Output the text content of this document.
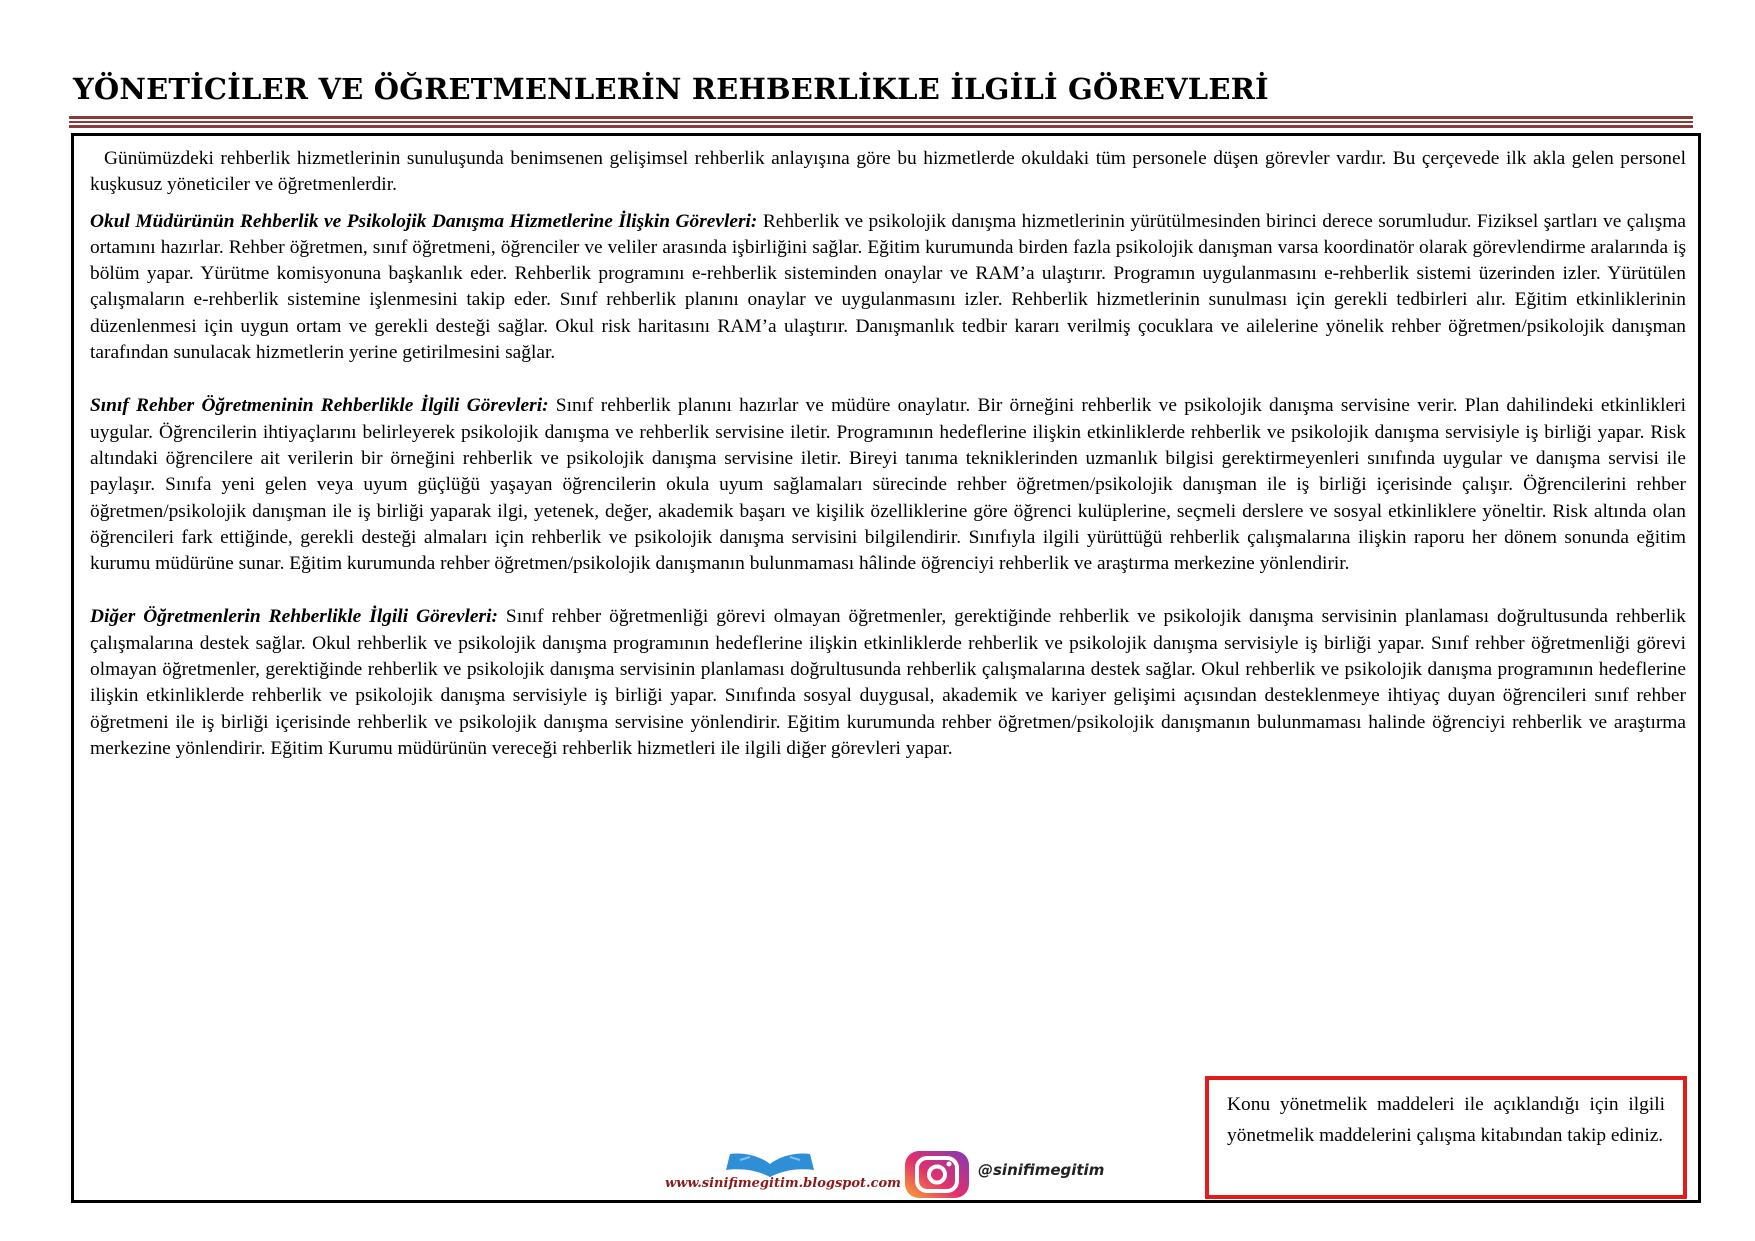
YÖNETİCİLER VE ÖĞRETMENLERİN REHBERLİKLE İLGİLİ GÖREVLERİ

Günümüzdeki rehberlik hizmetlerinin sunuluşunda benimsenen gelişimsel rehberlik anlayışına göre bu hizmetlerde okuldaki tüm personele düşen görevler vardır. Bu çerçevede ilk akla gelen personel kuşkusuz yöneticiler ve öğretmenlerdir.

Okul Müdürünün Rehberlik ve Psikolojik Danışma Hizmetlerine İlişkin Görevleri: Rehberlik ve psikolojik danışma hizmetlerinin yürütülmesinden birinci derece sorumludur. Fiziksel şartları ve çalışma ortamını hazırlar. Rehber öğretmen, sınıf öğretmeni, öğrenciler ve veliler arasında işbirliğini sağlar. Eğitim kurumunda birden fazla psikolojik danışman varsa koordinatör olarak görevlendirme aralarında iş bölüm yapar. Yürütme komisyonuna başkanlık eder. Rehberlik programını e-rehberlik sisteminden onaylar ve RAM’a ulaştırır. Programın uygulanmasını e-rehberlik sistemi üzerinden izler. Yürütülen çalışmaların e-rehberlik sistemine işlenmesini takip eder. Sınıf rehberlik planını onaylar ve uygulanmasını izler. Rehberlik hizmetlerinin sunulması için gerekli tedbirleri alır. Eğitim etkinliklerinin düzenlenmesi için uygun ortam ve gerekli desteği sağlar. Okul risk haritasını RAM’a ulaştırır. Danışmanlık tedbir kararı verilmiş çocuklara ve ailelerine yönelik rehber öğretmen/psikolojik danışman tarafından sunulacak hizmetlerin yerine getirilmesini sağlar.

Sınıf Rehber Öğretmeninin Rehberlikle İlgili Görevleri: Sınıf rehberlik planını hazırlar ve müdüre onaylatır. Bir örneğini rehberlik ve psikolojik danışma servisine verir. Plan dahilindeki etkinlikleri uygular. Öğrencilerin ihtiyaçlarını belirleyerek psikolojik danışma ve rehberlik servisine iletir. Programının hedeflerine ilişkin etkinliklerde rehberlik ve psikolojik danışma servisiyle iş birliği yapar. Risk altındaki öğrencilere ait verilerin bir örneğini rehberlik ve psikolojik danışma servisine iletir. Bireyi tanıma tekniklerinden uzmanlık bilgisi gerektirmeyenleri sınıfında uygular ve danışma servisi ile paylaşır. Sınıfa yeni gelen veya uyum güçlüğü yaşayan öğrencilerin okula uyum sağlamaları sürecinde rehber öğretmen/psikolojik danışman ile iş birliği içerisinde çalışır. Öğrencilerini rehber öğretmen/psikolojik danışman ile iş birliği yaparak ilgi, yetenek, değer, akademik başarı ve kişilik özelliklerine göre öğrenci kulüplerine, seçmeli derslere ve sosyal etkinliklere yöneltir. Risk altında olan öğrencileri fark ettiğinde, gerekli desteği almaları için rehberlik ve psikolojik danışma servisini bilgilendirir. Sınıfıyla ilgili yürüttüğü rehberlik çalışmalarına ilişkin raporu her dönem sonunda eğitim kurumu müdürüne sunar. Eğitim kurumunda rehber öğretmen/psikolojik danışmanın bulunmaması hâlinde öğrenciyi rehberlik ve araştırma merkezine yönlendirir.

Diğer Öğretmenlerin Rehberlikle İlgili Görevleri: Sınıf rehber öğretmenliği görevi olmayan öğretmenler, gerektiğinde rehberlik ve psikolojik danışma servisinin planlaması doğrultusunda rehberlik çalışmalarına destek sağlar. Okul rehberlik ve psikolojik danışma programının hedeflerine ilişkin etkinliklerde rehberlik ve psikolojik danışma servisiyle iş birliği yapar. Sınıf rehber öğretmenliği görevi olmayan öğretmenler, gerektiğinde rehberlik ve psikolojik danışma servisinin planlaması doğrultusunda rehberlik çalışmalarına destek sağlar. Okul rehberlik ve psikolojik danışma programının hedeflerine ilişkin etkinliklerde rehberlik ve psikolojik danışma servisiyle iş birliği yapar. Sınıfında sosyal duygusal, akademik ve kariyer gelişimi açısından desteklenmeye ihtiyaç duyan öğrencileri sınıf rehber öğretmeni ile iş birliği içerisinde rehberlik ve psikolojik danışma servisine yönlendirir. Eğitim kurumunda rehber öğretmen/psikolojik danışmanın bulunmaması halinde öğrenciyi rehberlik ve araştırma merkezine yönlendirir. Eğitim Kurumu müdürünün vereceği rehberlik hizmetleri ile ilgili diğer görevleri yapar.

Konu yönetmelik maddeleri ile açıklandığı için ilgili yönetmelik maddelerini çalışma kitabından takip ediniz.
www.sinifimegitim.blogspot.com
@sinifimegitim
